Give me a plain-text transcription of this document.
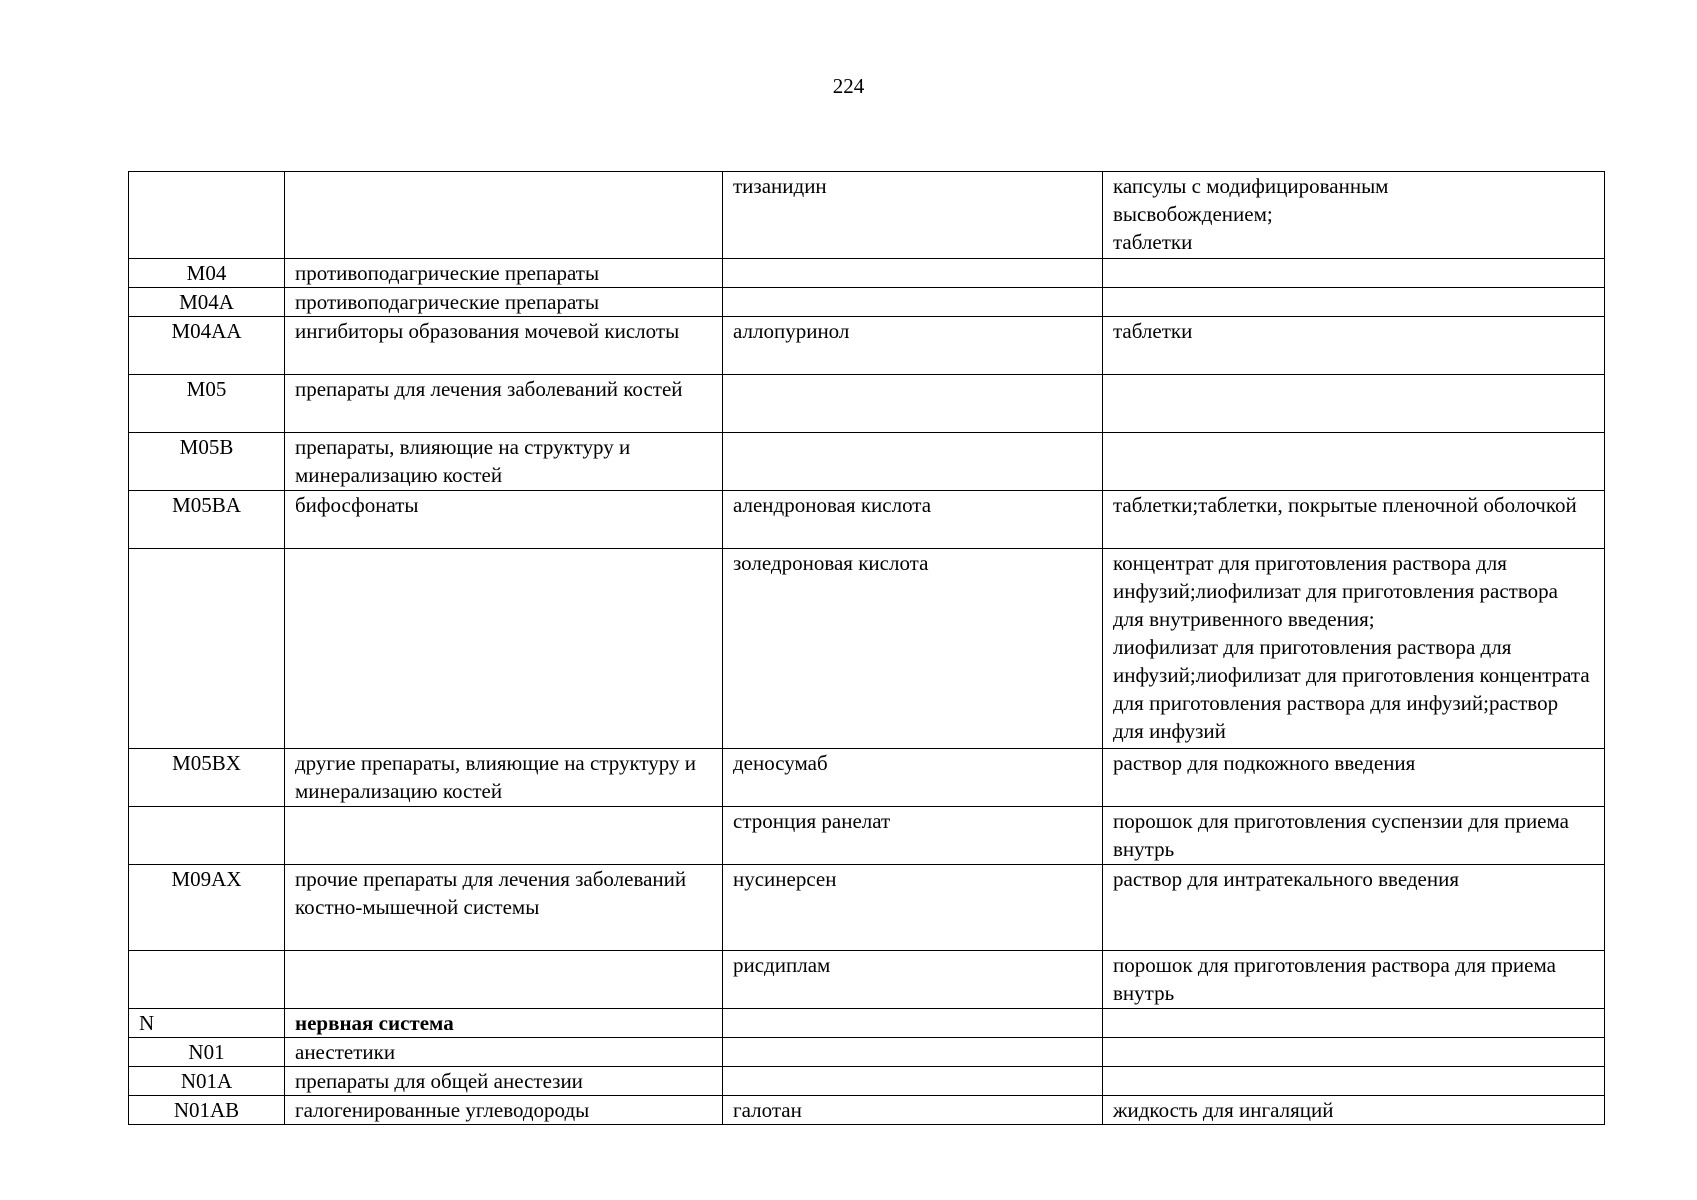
224
		тизанидин	капсулы с модифицированным
высвобождением;
таблетки

M04	противоподагрические препараты		
M04A	противоподагрические препараты		
M04AA	ингибиторы образования мочевой кислоты	аллопуринол	таблетки

M05	препараты для лечения заболеваний костей		
M05B	препараты, влияющие на структуру и минерализацию костей		
M05BA	бифосфонаты	алендроновая кислота	таблетки;таблетки, покрытые пленочной оболочкой

		золедроновая кислота	концентрат для приготовления раствора для инфузий;лиофилизат для приготовления раствора для внутривенного введения;
лиофилизат для приготовления раствора для инфузий;лиофилизат для приготовления концентрата для приготовления раствора для инфузий;раствор для инфузий

M05BX	другие препараты, влияющие на структуру и минерализацию костей	деносумаб	раствор для подкожного введения

		стронция ранелат	порошок для приготовления суспензии для приема внутрь

M09AX	прочие препараты для лечения заболеваний костно-мышечной системы	нусинерсен	раствор для интратекального введения

		рисдиплам	порошок для приготовления раствора для приема внутрь

N	нервная система		
N01	анестетики		
N01A	препараты для общей анестезии		
N01AB	галогенированные углеводороды	галотан	жидкость для ингаляций
